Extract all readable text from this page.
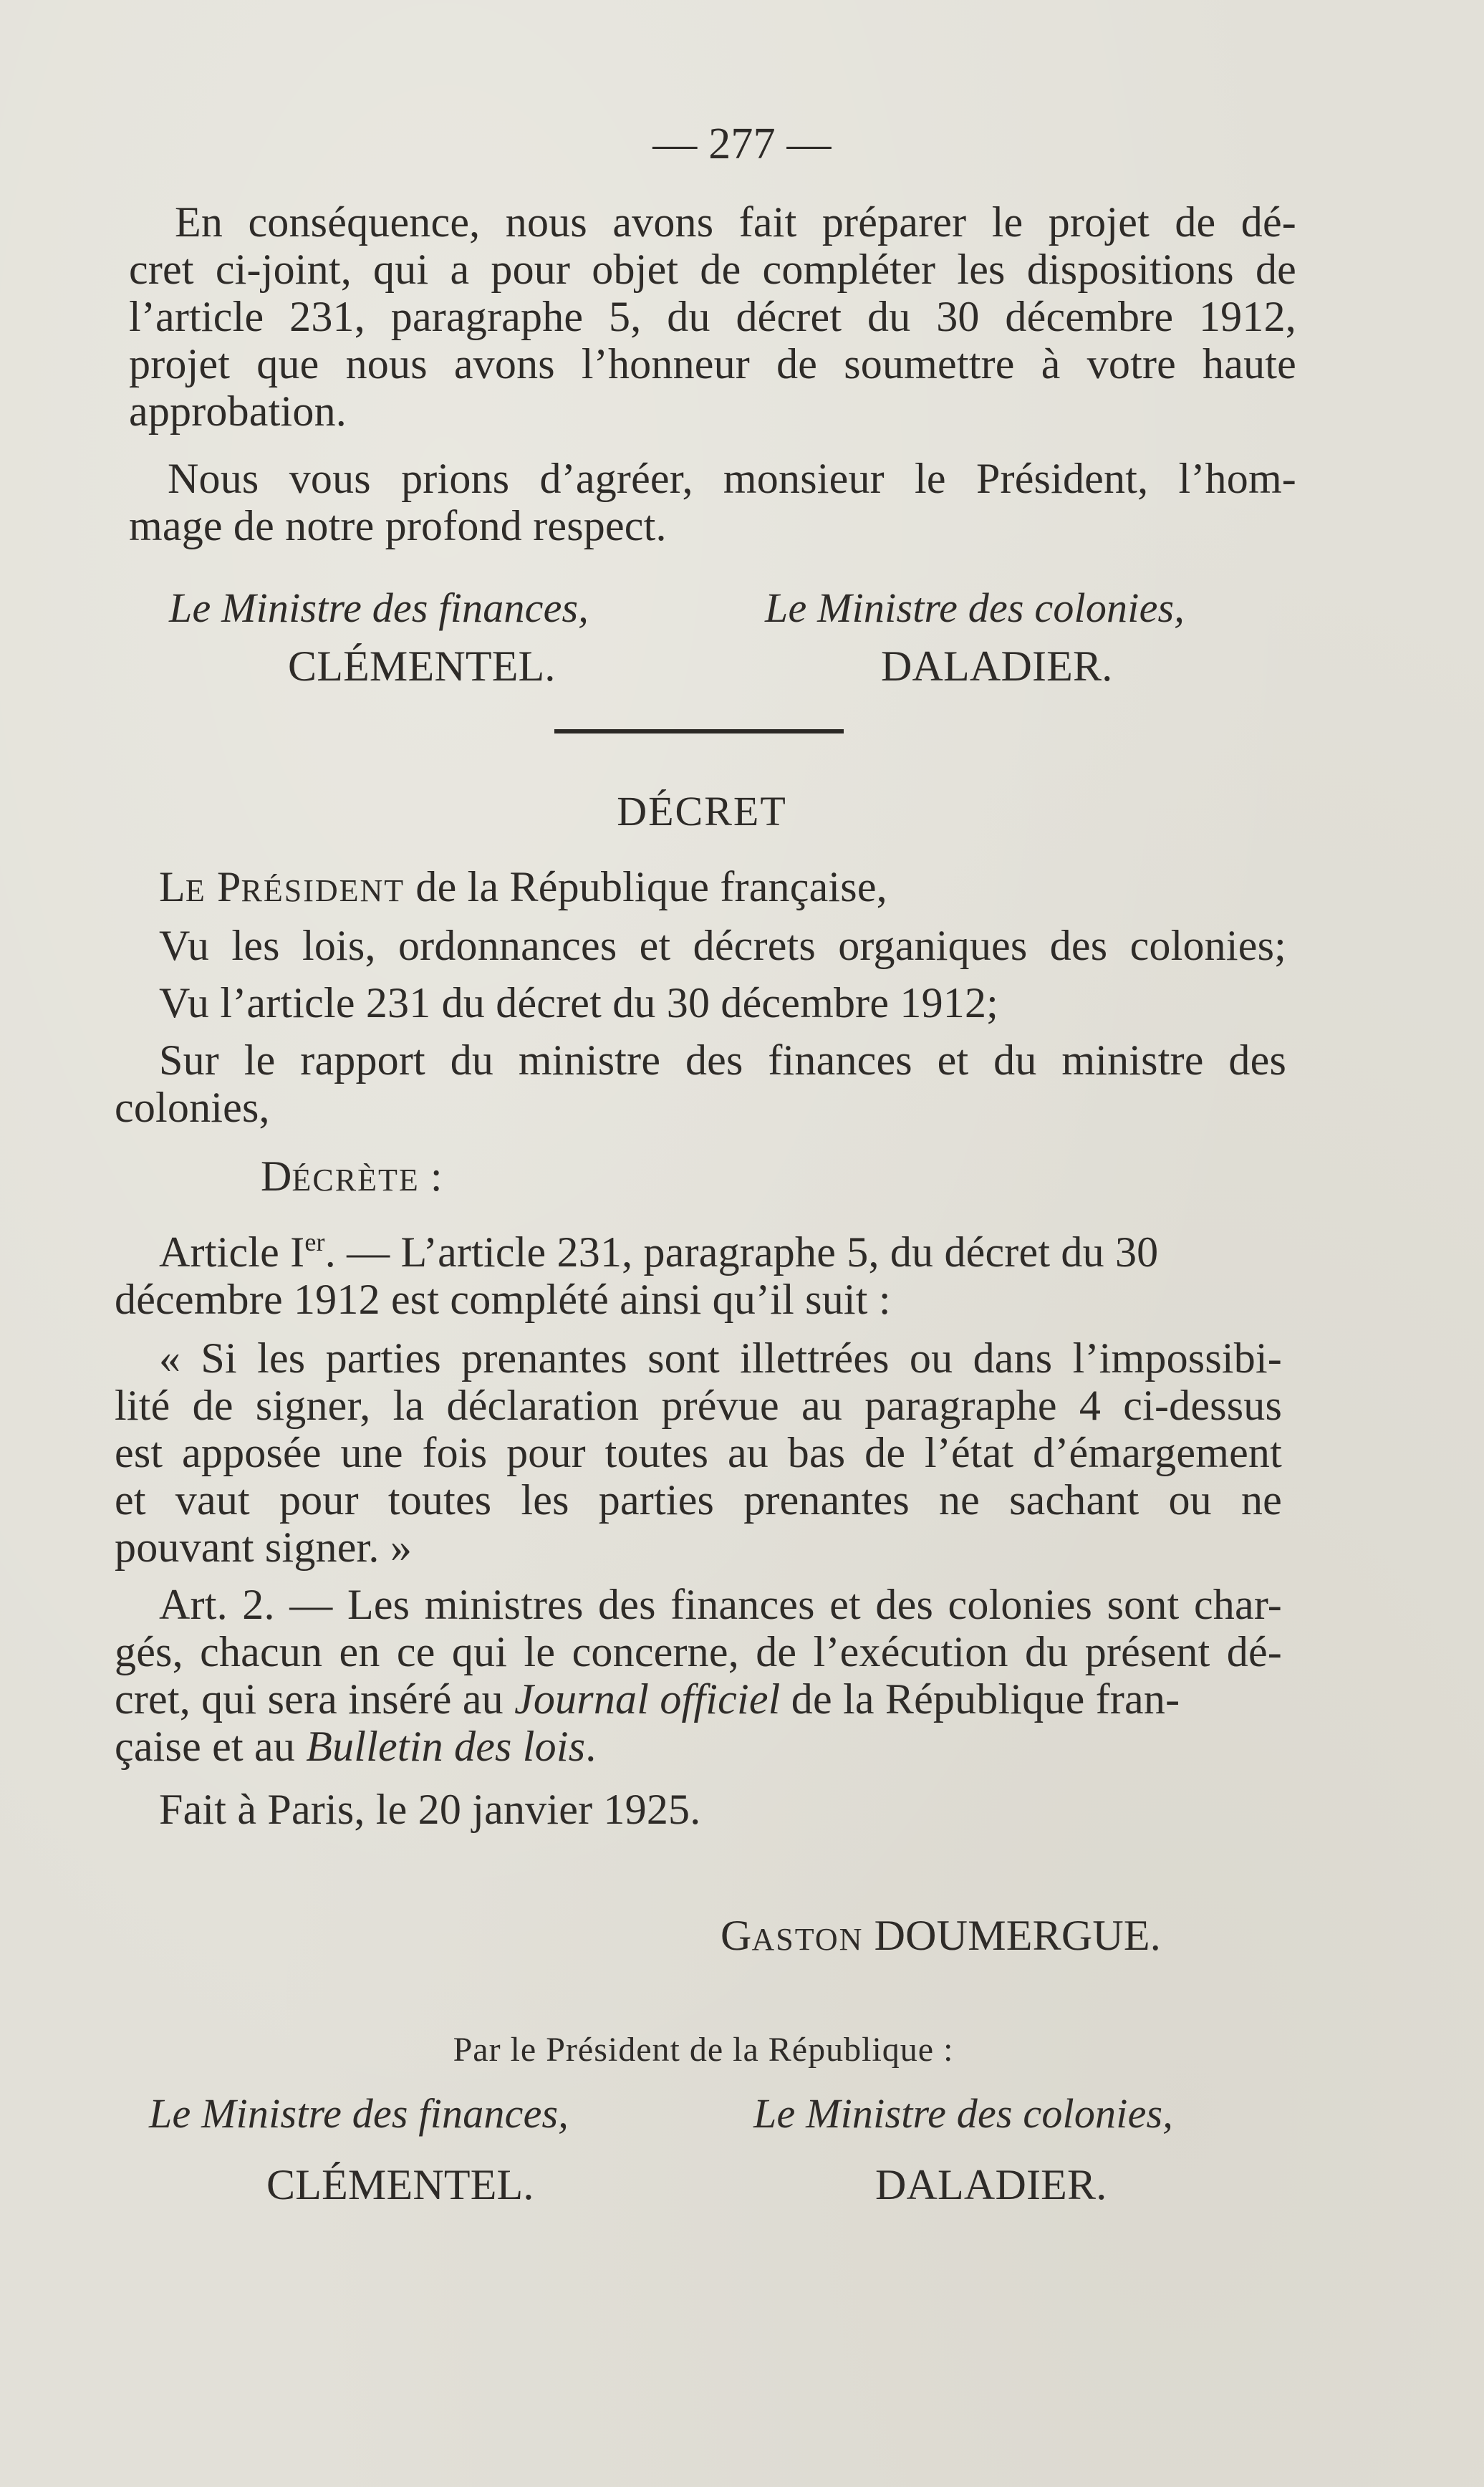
— 277 —
En conséquence, nous avons fait préparer le projet de dé-
cret ci-joint, qui a pour objet de compléter les dispositions de
l’article 231, paragraphe 5, du décret du 30 décembre 1912,
projet que nous avons l’honneur de soumettre à votre haute
approbation.
Nous vous prions d’agréer, monsieur le Président, l’hom-
mage de notre profond respect.
Le Ministre des finances,
CLÉMENTEL.
Le Ministre des colonies,
DALADIER.
DÉCRET
LE PRÉSIDENT de la République française,
Vu les lois, ordonnances et décrets organiques des colonies;
Vu l’article 231 du décret du 30 décembre 1912;
Sur le rapport du ministre des finances et du ministre des
colonies,
DÉCRÈTE :
Article Ier. — L’article 231, paragraphe 5, du décret du 30
décembre 1912 est complété ainsi qu’il suit :
« Si les parties prenantes sont illettrées ou dans l’impossibi-
lité de signer, la déclaration prévue au paragraphe 4 ci-dessus
est apposée une fois pour toutes au bas de l’état d’émargement
et vaut pour toutes les parties prenantes ne sachant ou ne
pouvant signer. »
Art. 2. — Les ministres des finances et des colonies sont char-
gés, chacun en ce qui le concerne, de l’exécution du présent dé-
cret, qui sera inséré au Journal officiel de la République fran-
çaise et au Bulletin des lois.
Fait à Paris, le 20 janvier 1925.
GASTON DOUMERGUE.
Par le Président de la République :
Le Ministre des finances,
CLÉMENTEL.
Le Ministre des colonies,
DALADIER.
